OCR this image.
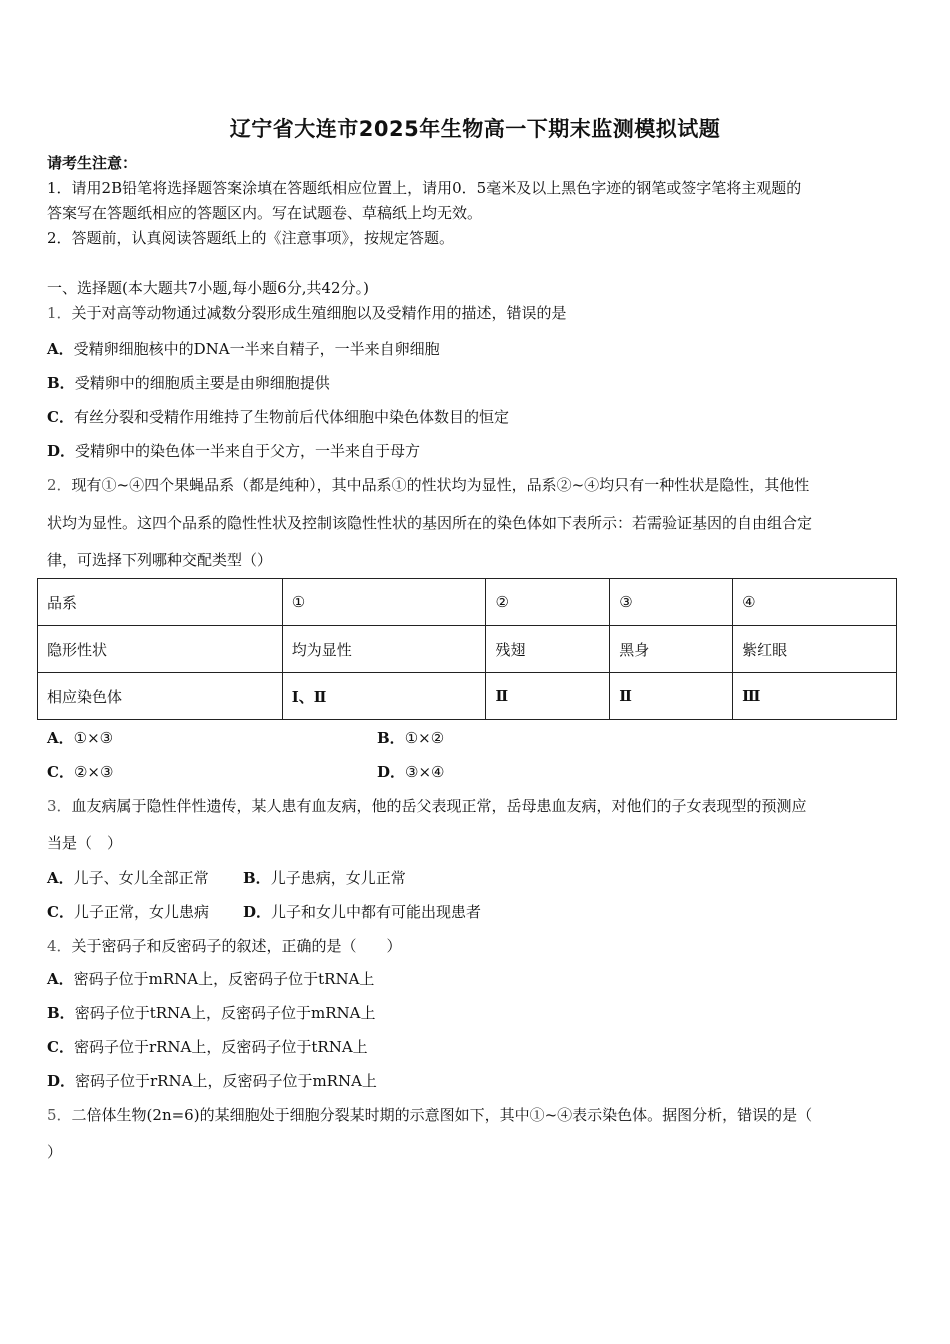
辽宁省大连市2025年生物高一下期末监测模拟试题
请考生注意：
1．请用2B铅笔将选择题答案涂填在答题纸相应位置上，请用0．5毫米及以上黑色字迹的钢笔或签字笔将主观题的
答案写在答题纸相应的答题区内。写在试题卷、草稿纸上均无效。
2．答题前，认真阅读答题纸上的《注意事项》，按规定答题。
一、选择题(本大题共7小题,每小题6分,共42分。)
1．关于对高等动物通过减数分裂形成生殖细胞以及受精作用的描述，错误的是
A．受精卵细胞核中的DNA一半来自精子，一半来自卵细胞
B．受精卵中的细胞质主要是由卵细胞提供
C．有丝分裂和受精作用维持了生物前后代体细胞中染色体数目的恒定
D．受精卵中的染色体一半来自于父方，一半来自于母方
2．现有①~④四个果蝇品系（都是纯种），其中品系①的性状均为显性，品系②~④均只有一种性状是隐性，其他性
状均为显性。这四个品系的隐性性状及控制该隐性性状的基因所在的染色体如下表所示：若需验证基因的自由组合定
律，可选择下列哪种交配类型（）
品系	①	②	③	④
隐形性状	均为显性	残翅	黑身	紫红眼
相应染色体	Ⅰ、Ⅱ	Ⅱ	Ⅱ	Ⅲ
A．①×③	B．①×②
C．②×③	D．③×④
3．血友病属于隐性伴性遗传，某人患有血友病，他的岳父表现正常，岳母患血友病，对他们的子女表现型的预测应
当是（　）
A．儿子、女儿全部正常 B．儿子患病，女儿正常
C．儿子正常，女儿患病 D．儿子和女儿中都有可能出现患者
4．关于密码子和反密码子的叙述，正确的是（　　）
A．密码子位于mRNA上，反密码子位于tRNA上
B．密码子位于tRNA上，反密码子位于mRNA上
C．密码子位于rRNA上，反密码子位于tRNA上
D．密码子位于rRNA上，反密码子位于mRNA上
5．二倍体生物(2n=6)的某细胞处于细胞分裂某时期的示意图如下，其中①~④表示染色体。据图分析，错误的是（
）
